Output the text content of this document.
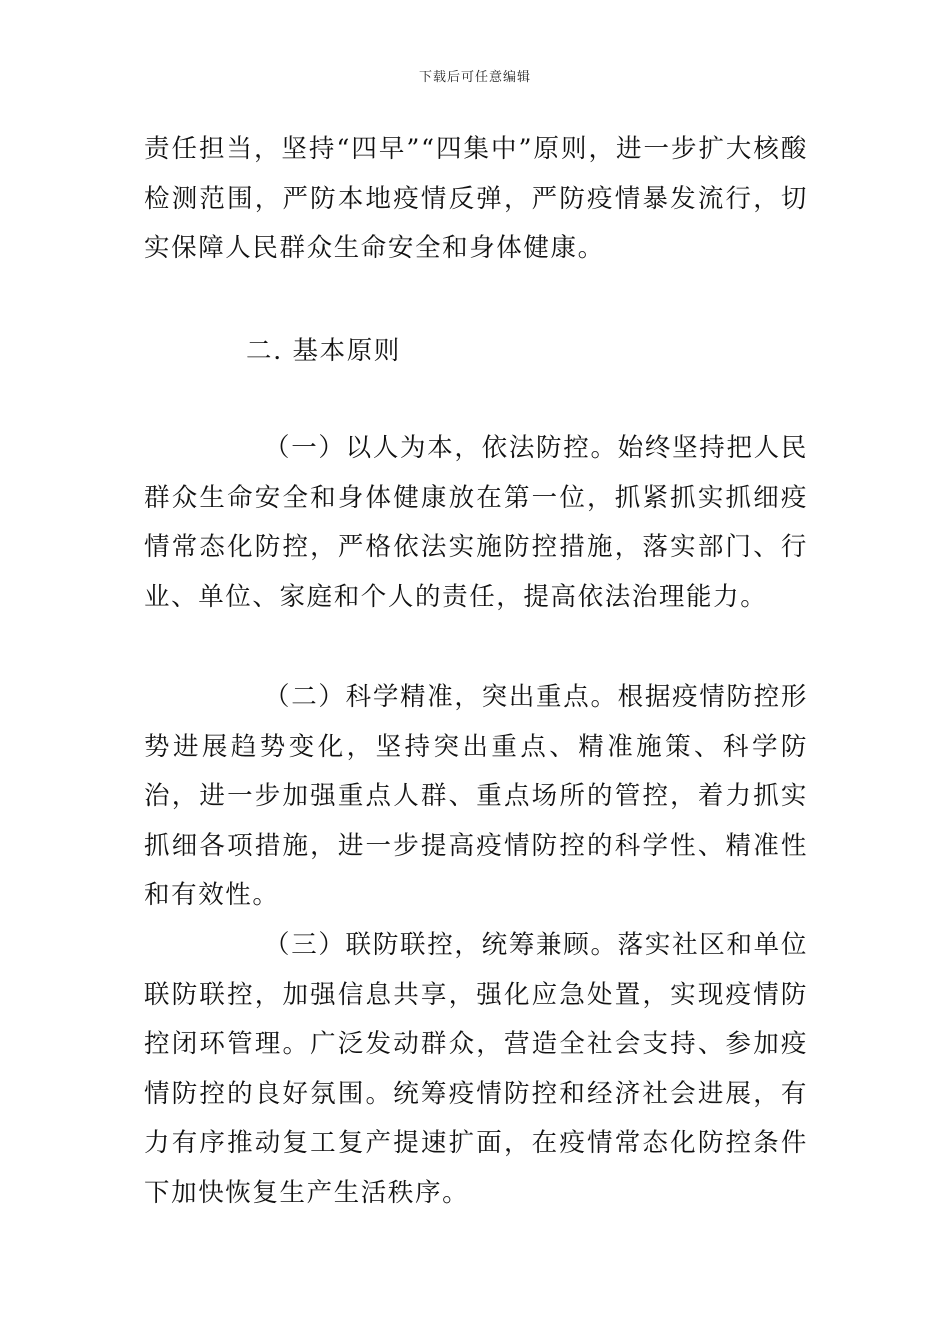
下载后可任意编辑

责任担当，坚持“四早”“四集中”原则，进一步扩大核酸检测范围，严防本地疫情反弹，严防疫情暴发流行，切实保障人民群众生命安全和身体健康。

二. 基本原则

（一）以人为本，依法防控。始终坚持把人民群众生命安全和身体健康放在第一位，抓紧抓实抓细疫情常态化防控，严格依法实施防控措施，落实部门、行业、单位、家庭和个人的责任，提高依法治理能力。

（二）科学精准，突出重点。根据疫情防控形势进展趋势变化，坚持突出重点、精准施策、科学防治，进一步加强重点人群、重点场所的管控，着力抓实抓细各项措施，进一步提高疫情防控的科学性、精准性和有效性。

（三）联防联控，统筹兼顾。落实社区和单位联防联控，加强信息共享，强化应急处置，实现疫情防控闭环管理。广泛发动群众，营造全社会支持、参加疫情防控的良好氛围。统筹疫情防控和经济社会进展，有力有序推动复工复产提速扩面，在疫情常态化防控条件下加快恢复生产生活秩序。
